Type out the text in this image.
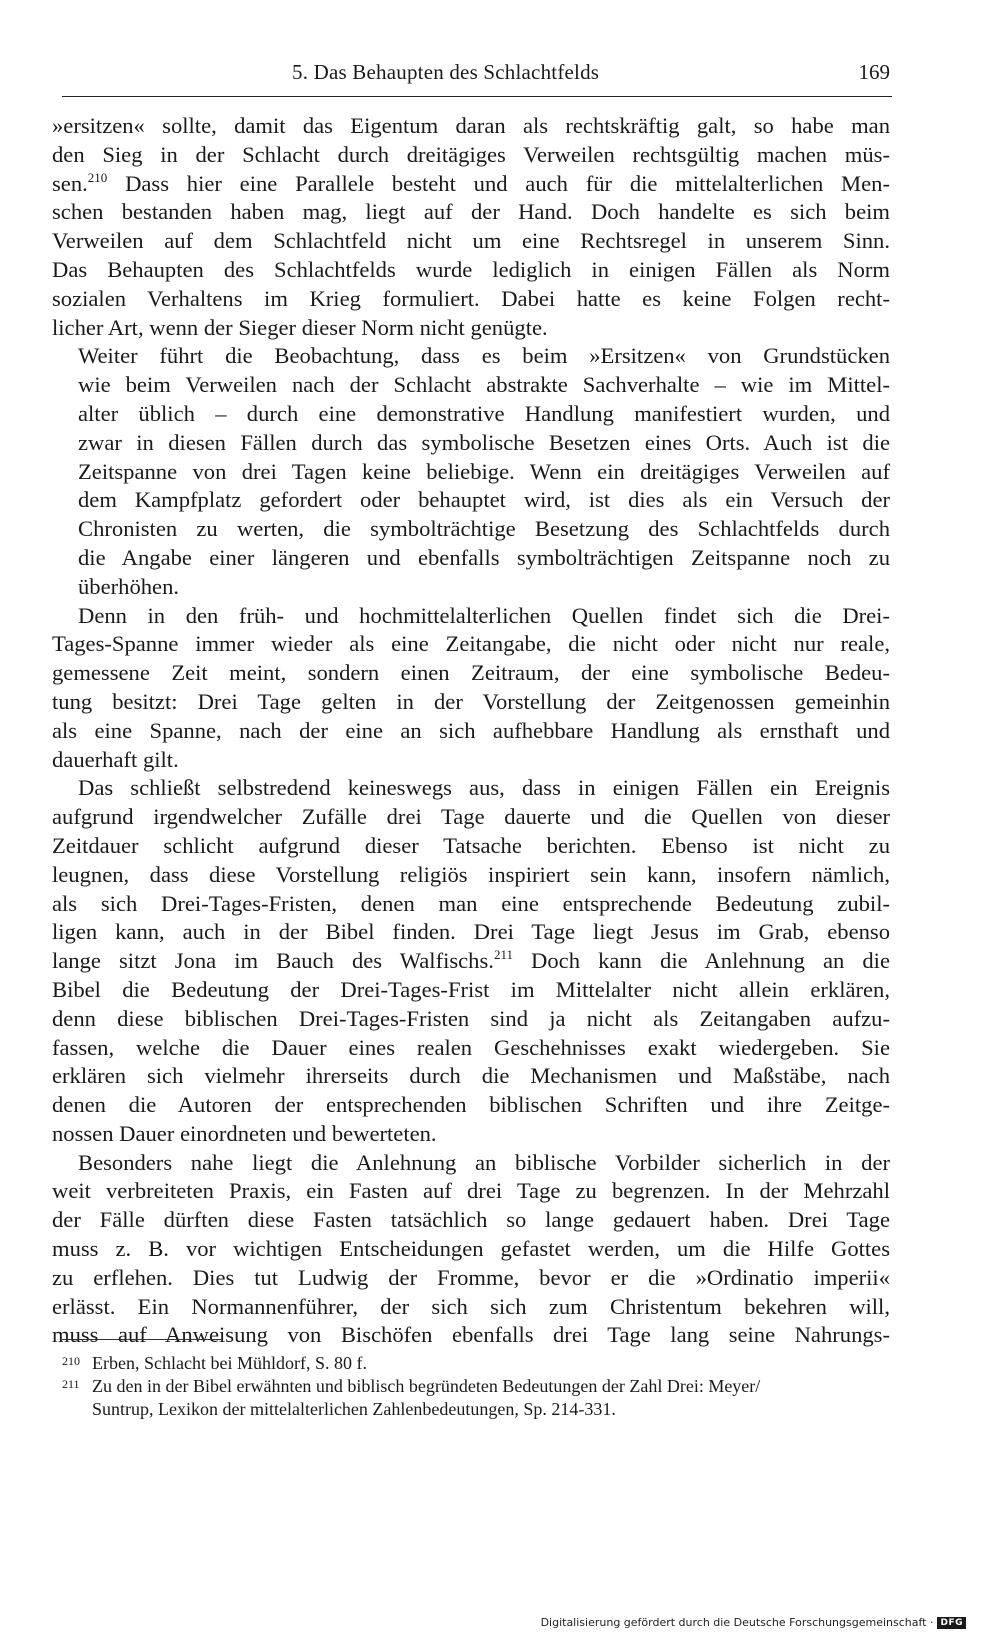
5. Das Behaupten des Schlachtfelds	169

»ersitzen« sollte, damit das Eigentum daran als rechtskräftig galt, so habe man
den Sieg in der Schlacht durch dreitägiges Verweilen rechtsgültig machen müs-
sen.$^{210}$ Dass hier eine Parallele besteht und auch für die mittelalterlichen Men-
schen bestanden haben mag, liegt auf der Hand. Doch handelte es sich beim
Verweilen auf dem Schlachtfeld nicht um eine Rechtsregel in unserem Sinn.
Das Behaupten des Schlachtfelds wurde lediglich in einigen Fällen als Norm
sozialen Verhaltens im Krieg formuliert. Dabei hatte es keine Folgen recht-
licher Art, wenn der Sieger dieser Norm nicht genügte.

Weiter führt die Beobachtung, dass es beim »Ersitzen« von Grundstücken
wie beim Verweilen nach der Schlacht abstrakte Sachverhalte – wie im Mittel-
alter üblich – durch eine demonstrative Handlung manifestiert wurden, und
zwar in diesen Fällen durch das symbolische Besetzen eines Orts. Auch ist die
Zeitspanne von drei Tagen keine beliebige. Wenn ein dreitägiges Verweilen auf
dem Kampfplatz gefordert oder behauptet wird, ist dies als ein Versuch der
Chronisten zu werten, die symbolträchtige Besetzung des Schlachtfelds durch
die Angabe einer längeren und ebenfalls symbolträchtigen Zeitspanne noch zu
überhöhen.

Denn in den früh- und hochmittelalterlichen Quellen findet sich die Drei-
Tages-Spanne immer wieder als eine Zeitangabe, die nicht oder nicht nur reale,
gemessene Zeit meint, sondern einen Zeitraum, der eine symbolische Bedeu-
tung besitzt: Drei Tage gelten in der Vorstellung der Zeitgenossen gemeinhin
als eine Spanne, nach der eine an sich aufhebbare Handlung als ernsthaft und
dauerhaft gilt.

Das schließt selbstredend keineswegs aus, dass in einigen Fällen ein Ereignis
aufgrund irgendwelcher Zufälle drei Tage dauerte und die Quellen von dieser
Zeitdauer schlicht aufgrund dieser Tatsache berichten. Ebenso ist nicht zu
leugnen, dass diese Vorstellung religiös inspiriert sein kann, insofern nämlich,
als sich Drei-Tages-Fristen, denen man eine entsprechende Bedeutung zubil-
ligen kann, auch in der Bibel finden. Drei Tage liegt Jesus im Grab, ebenso
lange sitzt Jona im Bauch des Walfischs.$^{211}$ Doch kann die Anlehnung an die
Bibel die Bedeutung der Drei-Tages-Frist im Mittelalter nicht allein erklären,
denn diese biblischen Drei-Tages-Fristen sind ja nicht als Zeitangaben aufzu-
fassen, welche die Dauer eines realen Geschehnisses exakt wiedergeben. Sie
erklären sich vielmehr ihrerseits durch die Mechanismen und Maßstäbe, nach
denen die Autoren der entsprechenden biblischen Schriften und ihre Zeitge-
nossen Dauer einordneten und bewerteten.

Besonders nahe liegt die Anlehnung an biblische Vorbilder sicherlich in der
weit verbreiteten Praxis, ein Fasten auf drei Tage zu begrenzen. In der Mehrzahl
der Fälle dürften diese Fasten tatsächlich so lange gedauert haben. Drei Tage
muss z. B. vor wichtigen Entscheidungen gefastet werden, um die Hilfe Gottes
zu erflehen. Dies tut Ludwig der Fromme, bevor er die »Ordinatio imperii«
erlässt. Ein Normannenführer, der sich sich zum Christentum bekehren will,
muss auf Anweisung von Bischöfen ebenfalls drei Tage lang seine Nahrungs-

210 Erben, Schlacht bei Mühldorf, S. 80 f.
211 Zu den in der Bibel erwähnten und biblisch begründeten Bedeutungen der Zahl Drei: Meyer/
Suntrup, Lexikon der mittelalterlichen Zahlenbedeutungen, Sp. 214-331.
Digitalisierung gefördert durch die Deutsche Forschungsgemeinschaft · DFG
